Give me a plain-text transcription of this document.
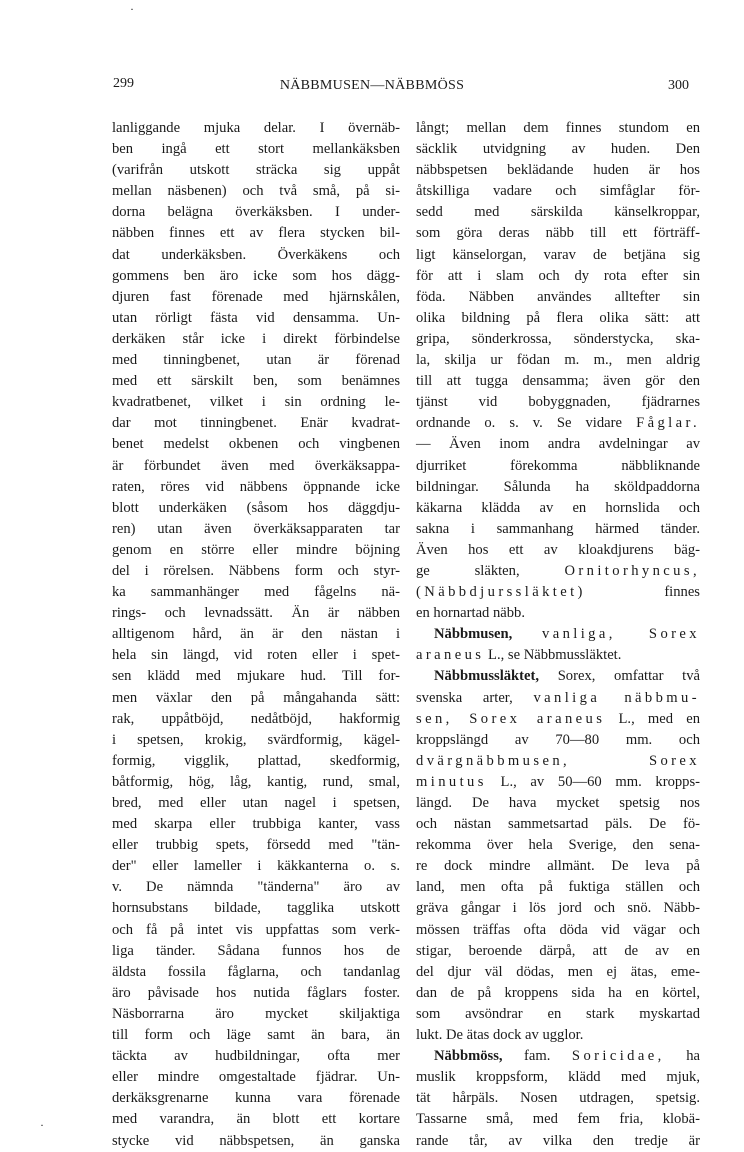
·
·
299	NÄBBMUSEN—NÄBBMÖSS	300
lanliggande mjuka delar. I övernäb-
ben ingå ett stort mellankäksben
(varifrån utskott sträcka sig uppåt
mellan näsbenen) och två små, på si-
dorna belägna överkäksben. I under-
näbben finnes ett av flera stycken bil-
dat underkäksben. Överkäkens och
gommens ben äro icke som hos dägg-
djuren fast förenade med hjärnskålen,
utan rörligt fästa vid densamma. Un-
derkäken står icke i direkt förbindelse
med tinningbenet, utan är förenad
med ett särskilt ben, som benämnes
kvadratbenet, vilket i sin ordning le-
dar mot tinningbenet. Enär kvadrat-
benet medelst okbenen och vingbenen
är förbundet även med överkäksappa-
raten, röres vid näbbens öppnande icke
blott underkäken (såsom hos däggdju-
ren) utan även överkäksapparaten tar
genom en större eller mindre böjning
del i rörelsen. Näbbens form och styr-
ka sammanhänger med fågelns nä-
rings- och levnadssätt. Än är näbben
alltigenom hård, än är den nästan i
hela sin längd, vid roten eller i spet-
sen klädd med mjukare hud. Till for-
men växlar den på mångahanda sätt:
rak, uppåtböjd, nedåtböjd, hakformig
i spetsen, krokig, svärdformig, kägel-
formig, vigglik, plattad, skedformig,
båtformig, hög, låg, kantig, rund, smal,
bred, med eller utan nagel i spetsen,
med skarpa eller trubbiga kanter, vass
eller trubbig spets, försedd med "tän-
der" eller lameller i käkkanterna o. s.
v. De nämnda "tänderna" äro av
hornsubstans bildade, tagglika utskott
och få på intet vis uppfattas som verk-
liga tänder. Sådana funnos hos de
äldsta fossila fåglarna, och tandanlag
äro påvisade hos nutida fåglars foster.
Näsborrarna äro mycket skiljaktiga
till form och läge samt än bara, än
täckta av hudbildningar, ofta mer
eller mindre omgestaltade fjädrar. Un-
derkäksgrenarne kunna vara förenade
med varandra, än blott ett kortare
stycke vid näbbspetsen, än ganska
långt; mellan dem finnes stundom en
säcklik utvidgning av huden. Den
näbbspetsen beklädande huden är hos
åtskilliga vadare och simfåglar för-
sedd med särskilda känselkroppar,
som göra deras näbb till ett förträff-
ligt känselorgan, varav de betjäna sig
för att i slam och dy rota efter sin
föda. Näbben användes alltefter sin
olika bildning på flera olika sätt: att
gripa, sönderkrossa, sönderstycka, ska-
la, skilja ur födan m. m., men aldrig
till att tugga densamma; även gör den
tjänst vid bobyggnaden, fjädrarnes
ordnande o. s. v. Se vidare Fåglar.
— Även inom andra avdelningar av
djurriket förekomma näbbliknande
bildningar. Sålunda ha sköldpaddorna
käkarna klädda av en hornslida och
sakna i sammanhang härmed tänder.
Även hos ett av kloakdjurens bäg-
ge släkten, Ornitorhyncus,
(Näbbdjurssläktet) finnes
en hornartad näbb.
Näbbmusen, vanliga, Sorex
araneus L., se Näbbmussläktet.
Näbbmussläktet, Sorex, omfattar två
svenska arter, vanliga näbbmu-
sen, Sorex araneus L., med en
kroppslängd av 70—80 mm. och
dvärgnäbbmusen, Sorex
minutus L., av 50—60 mm. kropps-
längd. De hava mycket spetsig nos
och nästan sammetsartad päls. De fö-
rekomma över hela Sverige, den sena-
re dock mindre allmänt. De leva på
land, men ofta på fuktiga ställen och
gräva gångar i lös jord och snö. Näbb-
mössen träffas ofta döda vid vägar och
stigar, beroende därpå, att de av en
del djur väl dödas, men ej ätas, eme-
dan de på kroppens sida ha en körtel,
som avsöndrar en stark myskartad
lukt. De ätas dock av ugglor.
Näbbmöss, fam. Soricidae, ha
muslik kroppsform, klädd med mjuk,
tät hårpäls. Nosen utdragen, spetsig.
Tassarne små, med fem fria, klobä-
rande tår, av vilka den tredje är
